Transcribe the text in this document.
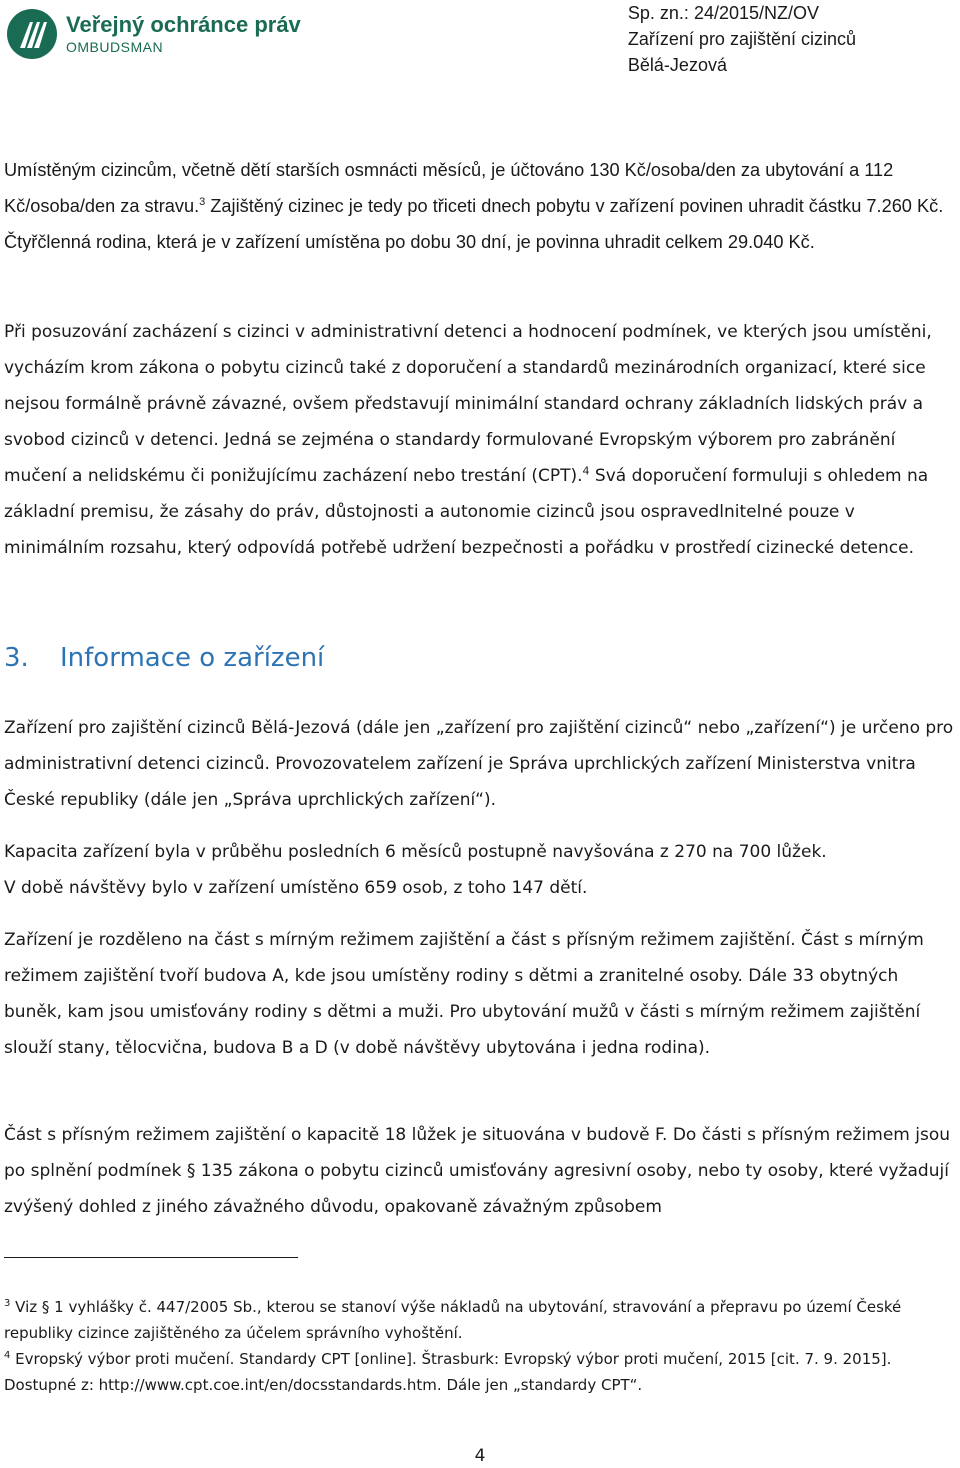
Veřejný ochránce práv
OMBUDSMAN
Sp. zn.: 24/2015/NZ/OV
Zařízení pro zajištění cizinců
Bělá-Jezová

Umístěným cizincům, včetně dětí starších osmnácti měsíců, je účtováno 130 Kč/osoba/den za ubytování a 112 Kč/osoba/den za stravu.$^3$ Zajištěný cizinec je tedy po třiceti dnech pobytu v zařízení povinen uhradit částku 7.260 Kč. Čtyřčlenná rodina, která je v zařízení umístěna po dobu 30 dní, je povinna uhradit celkem 29.040 Kč.

Při posuzování zacházení s cizinci v administrativní detenci a hodnocení podmínek, ve kterých jsou umístěni, vycházím krom zákona o pobytu cizinců také z doporučení a standardů mezinárodních organizací, které sice nejsou formálně právně závazné, ovšem představují minimální standard ochrany základních lidských práv a svobod cizinců v detenci. Jedná se zejména o standardy formulované Evropským výborem pro zabránění mučení a nelidskému či ponižujícímu zacházení nebo trestání (CPT).$^4$ Svá doporučení formuluji s ohledem na základní premisu, že zásahy do práv, důstojnosti a autonomie cizinců jsou ospravedlnitelné pouze v minimálním rozsahu, který odpovídá potřebě udržení bezpečnosti a pořádku v prostředí cizinecké detence.

3. Informace o zařízení

Zařízení pro zajištění cizinců Bělá-Jezová (dále jen „zařízení pro zajištění cizinců“ nebo „zařízení“) je určeno pro administrativní detenci cizinců. Provozovatelem zařízení je Správa uprchlických zařízení Ministerstva vnitra České republiky (dále jen „Správa uprchlických zařízení“).

Kapacita zařízení byla v průběhu posledních 6 měsíců postupně navyšována z 270 na 700 lůžek.
V době návštěvy bylo v zařízení umístěno 659 osob, z toho 147 dětí.

Zařízení je rozděleno na část s mírným režimem zajištění a část s přísným režimem zajištění. Část s mírným režimem zajištění tvoří budova A, kde jsou umístěny rodiny s dětmi a zranitelné osoby. Dále 33 obytných buněk, kam jsou umisťovány rodiny s dětmi a muži. Pro ubytování mužů v části s mírným režimem zajištění slouží stany, tělocvična, budova B a D (v době návštěvy ubytována i jedna rodina).

Část s přísným režimem zajištění o kapacitě 18 lůžek je situována v budově F. Do části s přísným režimem jsou po splnění podmínek § 135 zákona o pobytu cizinců umisťovány agresivní osoby, nebo ty osoby, které vyžadují zvýšený dohled z jiného závažného důvodu, opakovaně závažným způsobem

$^3$ Viz § 1 vyhlášky č. 447/2005 Sb., kterou se stanoví výše nákladů na ubytování, stravování a přepravu po území České republiky cizince zajištěného za účelem správního vyhoštění.

$^4$ Evropský výbor proti mučení. Standardy CPT [online]. Štrasburk: Evropský výbor proti mučení, 2015 [cit. 7. 9. 2015]. Dostupné z: http://www.cpt.coe.int/en/docsstandards.htm. Dále jen „standardy CPT“.

4
